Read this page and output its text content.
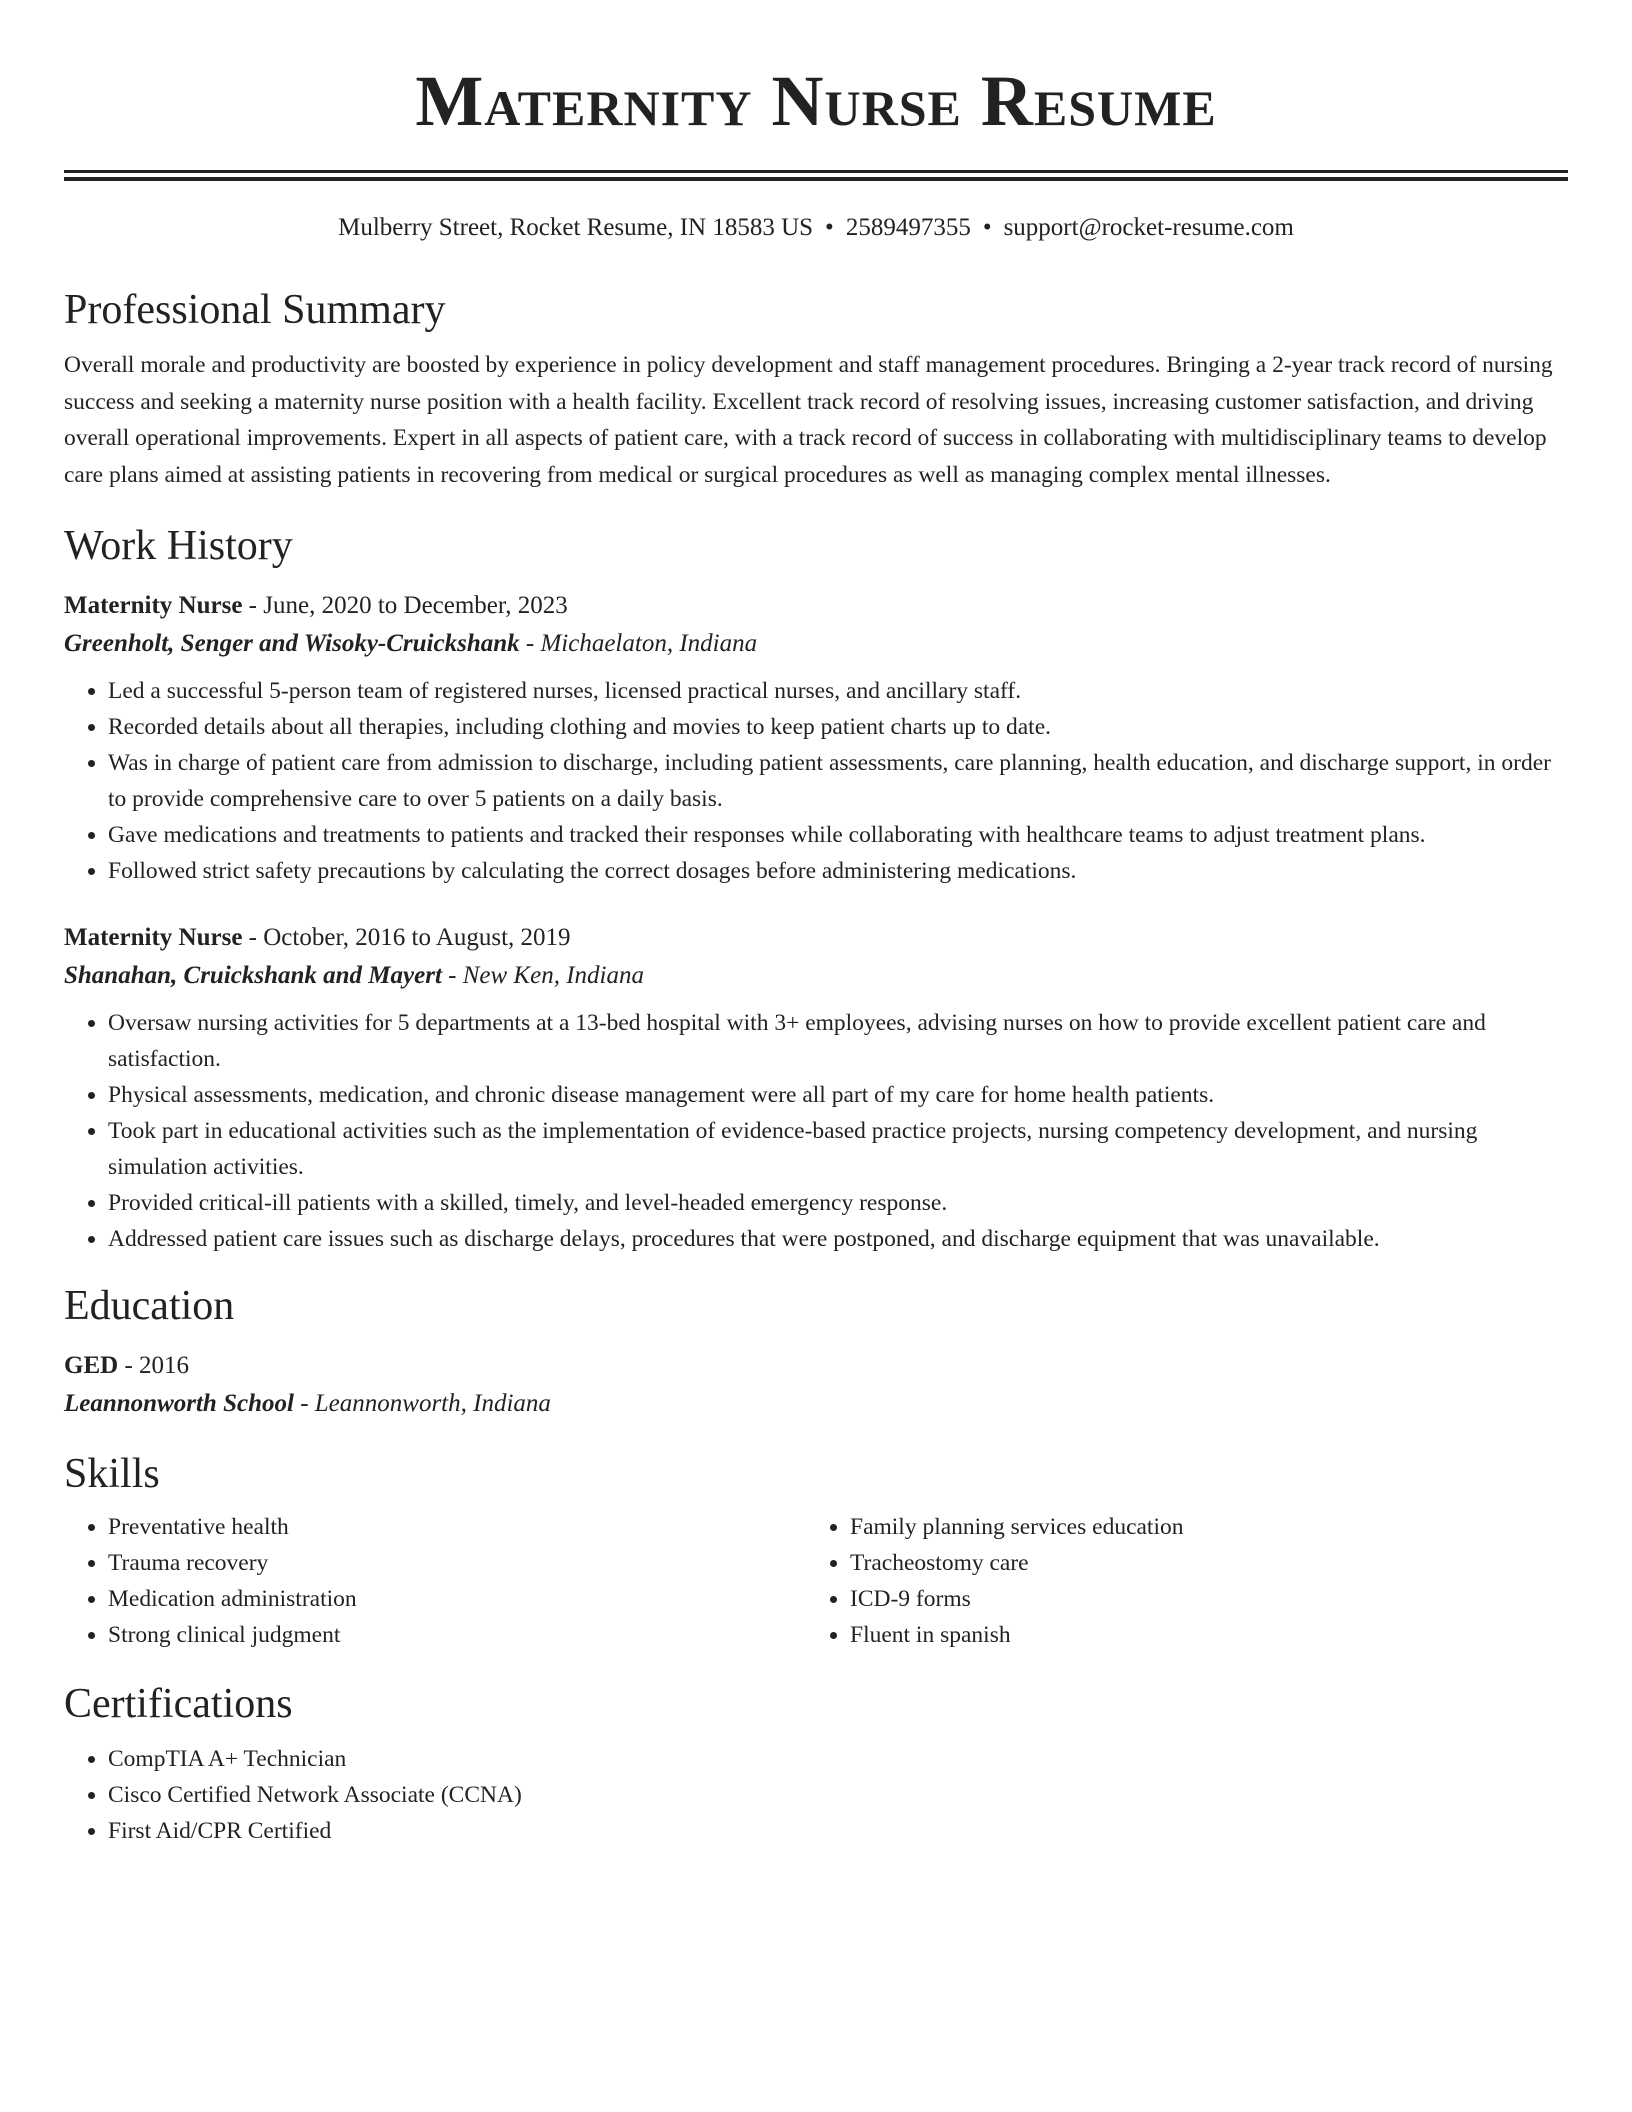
Maternity Nurse Resume
Mulberry Street, Rocket Resume, IN 18583 US • 2589497355 • support@rocket-resume.com
Professional Summary

Overall morale and productivity are boosted by experience in policy development and staff management procedures. Bringing a 2-year track record of nursing success and seeking a maternity nurse position with a health facility. Excellent track record of resolving issues, increasing customer satisfaction, and driving overall operational improvements. Expert in all aspects of patient care, with a track record of success in collaborating with multidisciplinary teams to develop care plans aimed at assisting patients in recovering from medical or surgical procedures as well as managing complex mental illnesses.

Work History
Maternity Nurse - June, 2020 to December, 2023
Greenholt, Senger and Wisoky-Cruickshank - Michaelaton, Indiana
• Led a successful 5-person team of registered nurses, licensed practical nurses, and ancillary staff.
• Recorded details about all therapies, including clothing and movies to keep patient charts up to date.
• Was in charge of patient care from admission to discharge, including patient assessments, care planning, health education, and discharge support, in order to provide comprehensive care to over 5 patients on a daily basis.
• Gave medications and treatments to patients and tracked their responses while collaborating with healthcare teams to adjust treatment plans.
• Followed strict safety precautions by calculating the correct dosages before administering medications.
Maternity Nurse - October, 2016 to August, 2019
Shanahan, Cruickshank and Mayert - New Ken, Indiana
• Oversaw nursing activities for 5 departments at a 13-bed hospital with 3+ employees, advising nurses on how to provide excellent patient care and satisfaction.
• Physical assessments, medication, and chronic disease management were all part of my care for home health patients.
• Took part in educational activities such as the implementation of evidence-based practice projects, nursing competency development, and nursing simulation activities.
• Provided critical-ill patients with a skilled, timely, and level-headed emergency response.
• Addressed patient care issues such as discharge delays, procedures that were postponed, and discharge equipment that was unavailable.
Education
GED - 2016
Leannonworth School - Leannonworth, Indiana
Skills
• Preventative health
• Trauma recovery
• Medication administration
• Strong clinical judgment
• Family planning services education
• Tracheostomy care
• ICD-9 forms
• Fluent in spanish
Certifications
• CompTIA A+ Technician
• Cisco Certified Network Associate (CCNA)
• First Aid/CPR Certified
